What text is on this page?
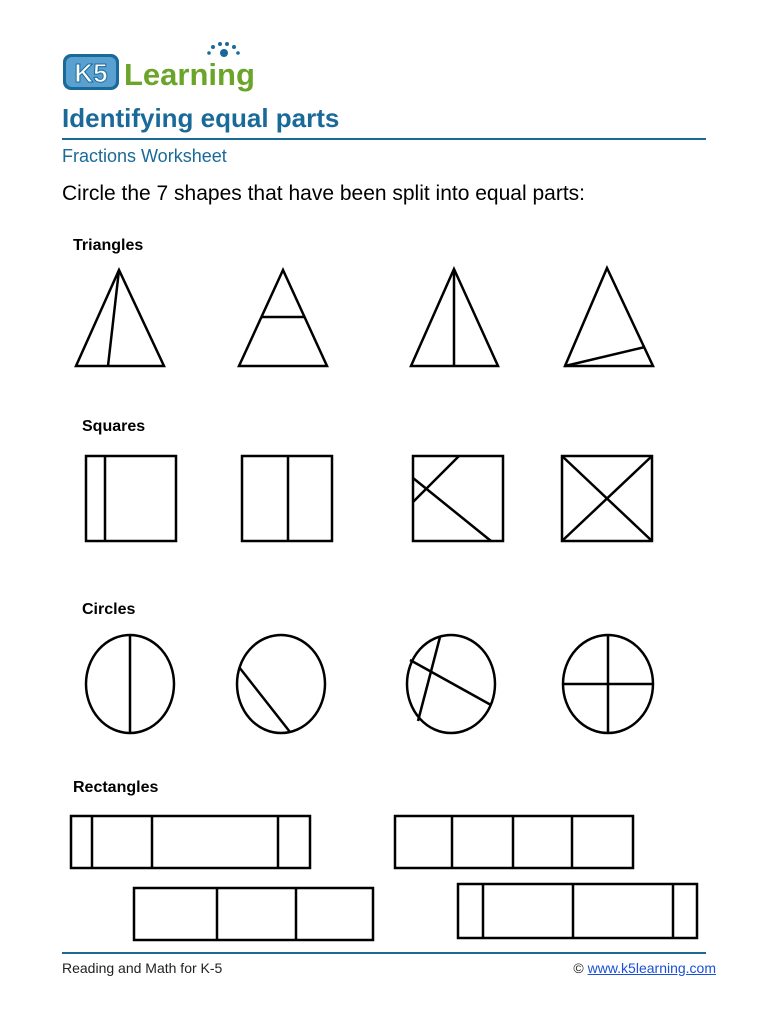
K5 Learning
Identifying equal parts
Fractions Worksheet
Circle the 7 shapes that have been split into equal parts:
Triangles
Squares
Circles
Rectangles
Reading and Math for K-5	© www.k5learning.com
